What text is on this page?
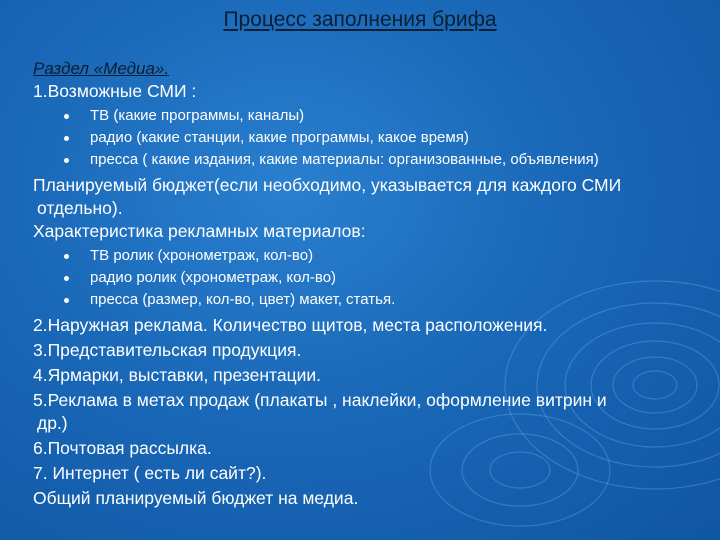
Процесс заполнения брифа
Раздел «Медиа».
1.Возможные СМИ :
ТВ (какие программы, каналы)
радио (какие станции, какие программы, какое время)
пресса ( какие издания, какие материалы: организованные, объявления)
Планируемый бюджет(если необходимо, указывается для каждого СМИ
отдельно).
Характеристика рекламных материалов:
ТВ ролик (хронометраж, кол-во)
радио ролик (хронометраж, кол-во)
пресса (размер, кол-во, цвет) макет, статья.
2.Наружная реклама. Количество щитов, места расположения.
3.Представительская продукция.
4.Ярмарки, выставки, презентации.
5.Реклама в метах продаж (плакаты , наклейки, оформление витрин и
др.)
6.Почтовая рассылка.
7. Интернет ( есть ли сайт?).
Общий планируемый бюджет на медиа.
